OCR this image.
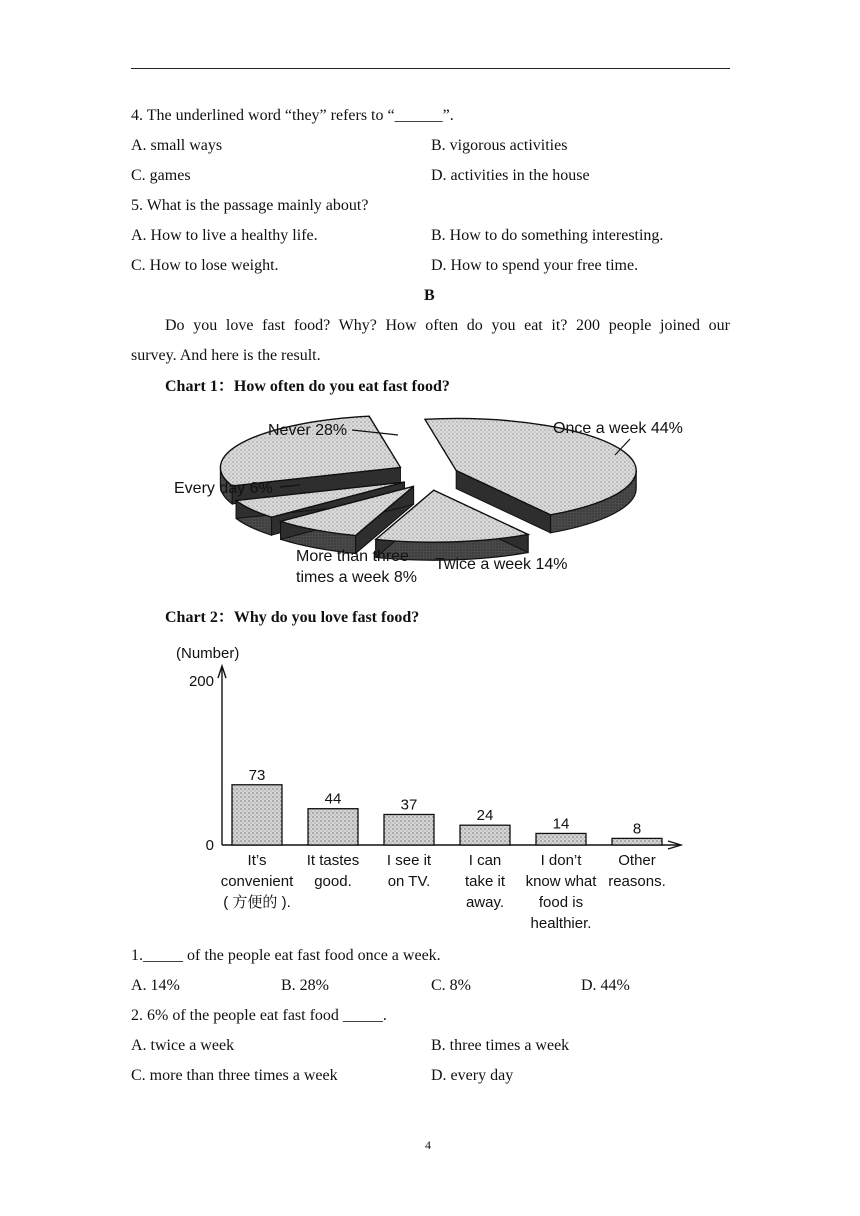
4. The underlined word “they” refers to “______”.
A. small ways	B. vigorous activities
C. games	D. activities in the house
5. What is the passage mainly about?
A. How to live a healthy life.	B. How to do something interesting.
C. How to lose weight.	D. How to spend your free time.
B
Do you love fast food? Why? How often do you eat it? 200 people joined our
survey. And here is the result.
Chart 1：How often do you eat fast food?
Never 28%	Once a week 44%
Every day 6%
More than three
times a week 8%
Twice a week 14%
Chart 2：Why do you love fast food?
(Number)
200
0
73
It’s
convenient
( 方便的 ).
44
It tastes
good.
37
I see it
on TV.
24
I can
take it
away.
14
I don’t
know what
food is
healthier.
8
Other
reasons.
1._____ of the people eat fast food once a week.
A. 14%	B. 28%	C. 8%	D. 44%
2. 6% of the people eat fast food _____.
A. twice a week	B. three times a week
C. more than three times a week	D. every day
4
